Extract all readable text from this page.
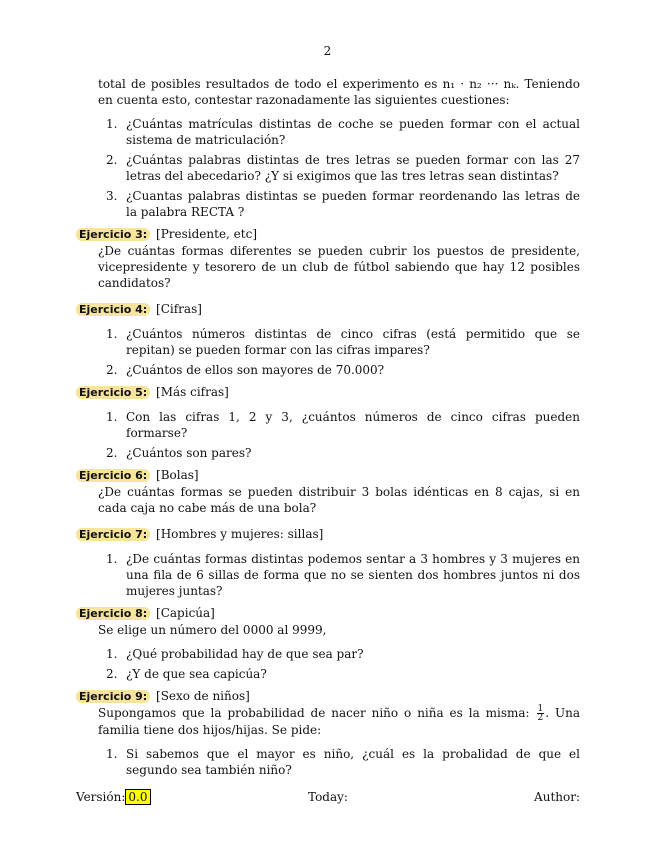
2
total de posibles resultados de todo el experimento es n₁ · n₂ ··· nₖ. Teniendo en cuenta esto, contestar razonadamente las siguientes cuestiones:
1. ¿Cuántas matrículas distintas de coche se pueden formar con el actual sistema de matriculación?
2. ¿Cuántas palabras distintas de tres letras se pueden formar con las 27 letras del abecedario? ¿Y si exigimos que las tres letras sean distintas?
3. ¿Cuantas palabras distintas se pueden formar reordenando las letras de la palabra RECTA ?
Ejercicio 3: [Presidente, etc]
¿De cuántas formas diferentes se pueden cubrir los puestos de presidente, vicepresidente y tesorero de un club de fútbol sabiendo que hay 12 posibles candidatos?
Ejercicio 4: [Cifras]
1. ¿Cuántos números distintas de cinco cifras (está permitido que se repitan) se pueden formar con las cifras impares?
2. ¿Cuántos de ellos son mayores de 70.000?
Ejercicio 5: [Más cifras]
1. Con las cifras 1, 2 y 3, ¿cuántos números de cinco cifras pueden formarse?
2. ¿Cuántos son pares?
Ejercicio 6: [Bolas]
¿De cuántas formas se pueden distribuir 3 bolas idénticas en 8 cajas, si en cada caja no cabe más de una bola?
Ejercicio 7: [Hombres y mujeres: sillas]
1. ¿De cuántas formas distintas podemos sentar a 3 hombres y 3 mujeres en una fila de 6 sillas de forma que no se sienten dos hombres juntos ni dos mujeres juntas?
Ejercicio 8: [Capicúa]
Se elige un número del 0000 al 9999,
1. ¿Qué probabilidad hay de que sea par?
2. ¿Y de que sea capicúa?
Ejercicio 9: [Sexo de niños]
Supongamos que la probabilidad de nacer niño o niña es la misma: $\frac{1}{2}$ . Una familia tiene dos hijos/hijas. Se pide:
1. Si sabemos que el mayor es niño, ¿cuál es la probalidad de que el segundo sea también niño?
Versión: 0.0	Today:	Author:
